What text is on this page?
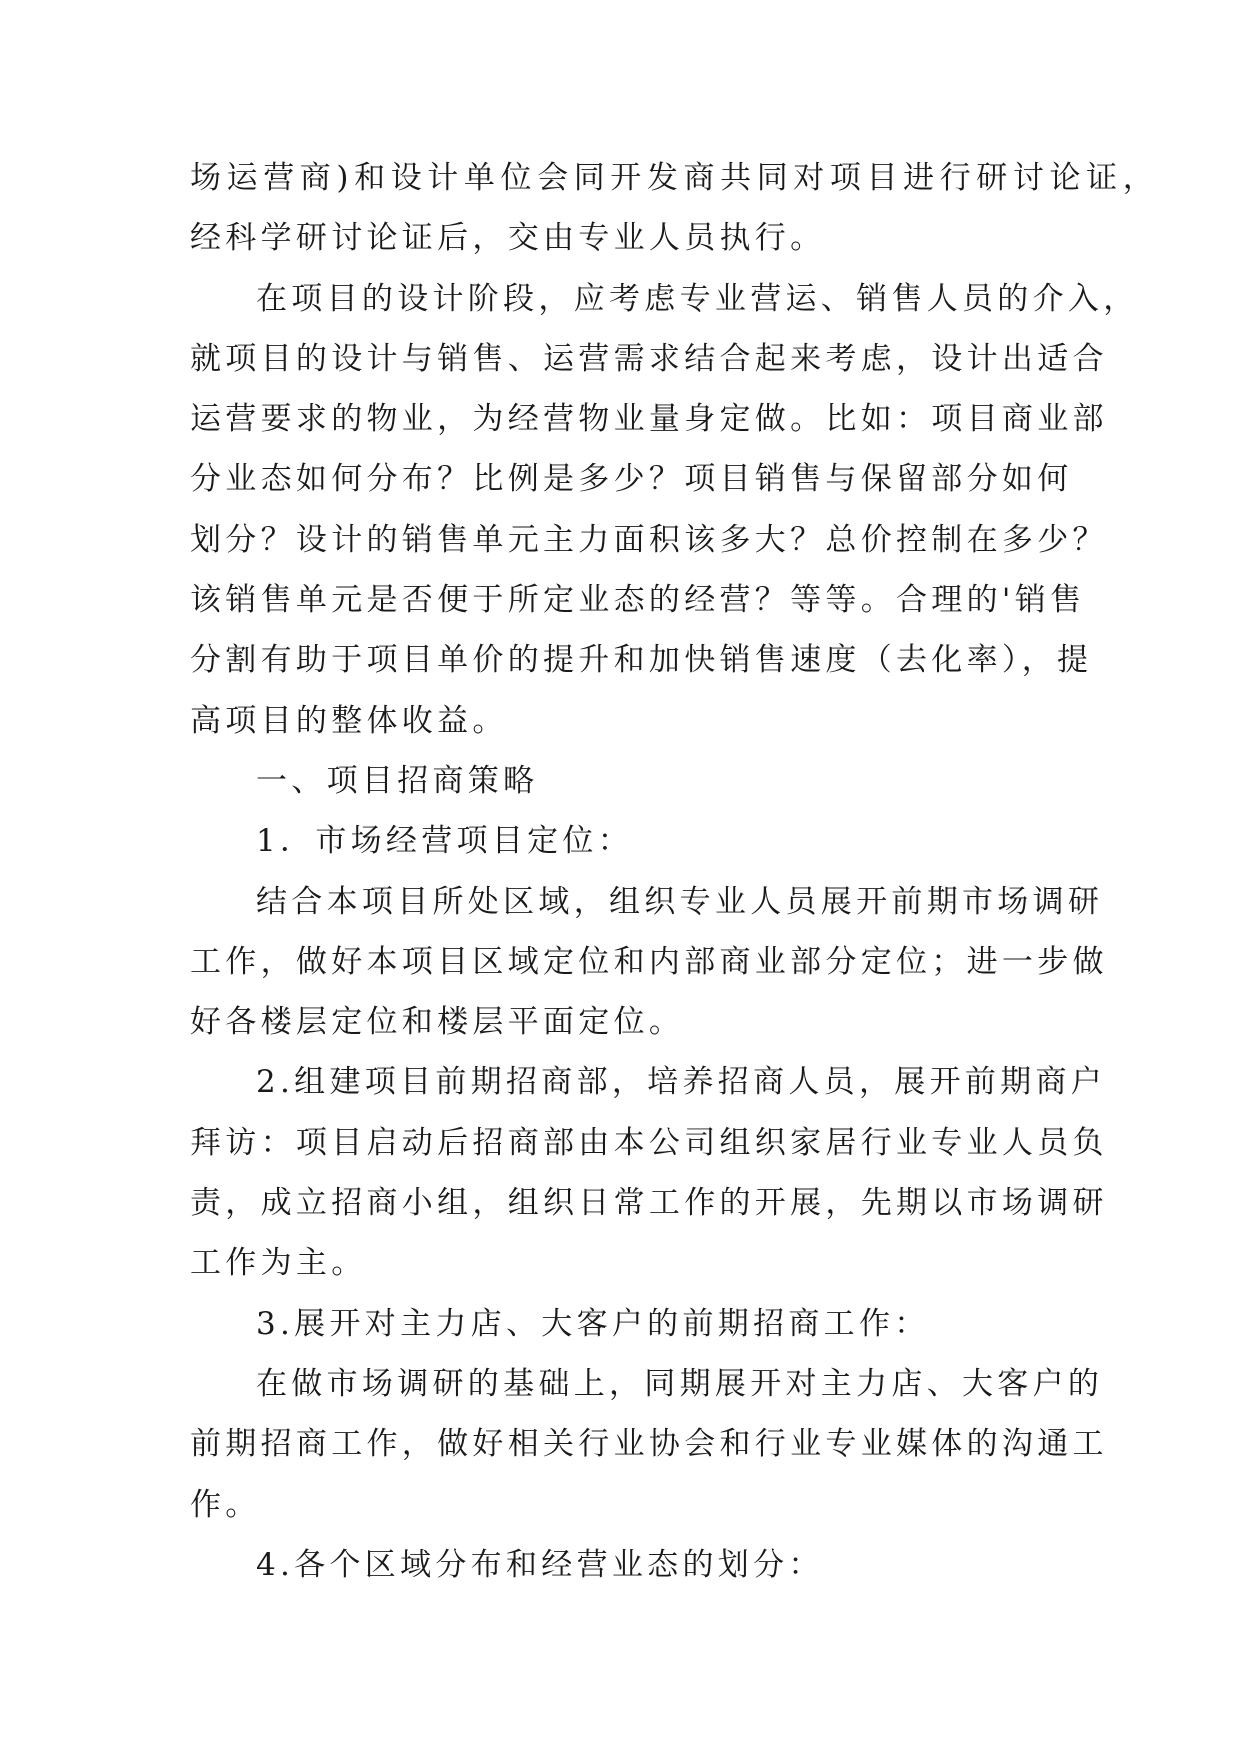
场运营商)和设计单位会同开发商共同对项目进行研讨论证，
经科学研讨论证后，交由专业人员执行。
在项目的设计阶段，应考虑专业营运、销售人员的介入，
就项目的设计与销售、运营需求结合起来考虑，设计出适合
运营要求的物业，为经营物业量身定做。比如：项目商业部
分业态如何分布？比例是多少？项目销售与保留部分如何
划分？设计的销售单元主力面积该多大？总价控制在多少？
该销售单元是否便于所定业态的经营？等等。合理的'销售
分割有助于项目单价的提升和加快销售速度（去化率），提
高项目的整体收益。
一、项目招商策略
1．市场经营项目定位：
结合本项目所处区域，组织专业人员展开前期市场调研
工作，做好本项目区域定位和内部商业部分定位；进一步做
好各楼层定位和楼层平面定位。
2.组建项目前期招商部，培养招商人员，展开前期商户
拜访：项目启动后招商部由本公司组织家居行业专业人员负
责，成立招商小组，组织日常工作的开展，先期以市场调研
工作为主。
3.展开对主力店、大客户的前期招商工作：
在做市场调研的基础上，同期展开对主力店、大客户的
前期招商工作，做好相关行业协会和行业专业媒体的沟通工
作。
4.各个区域分布和经营业态的划分：
